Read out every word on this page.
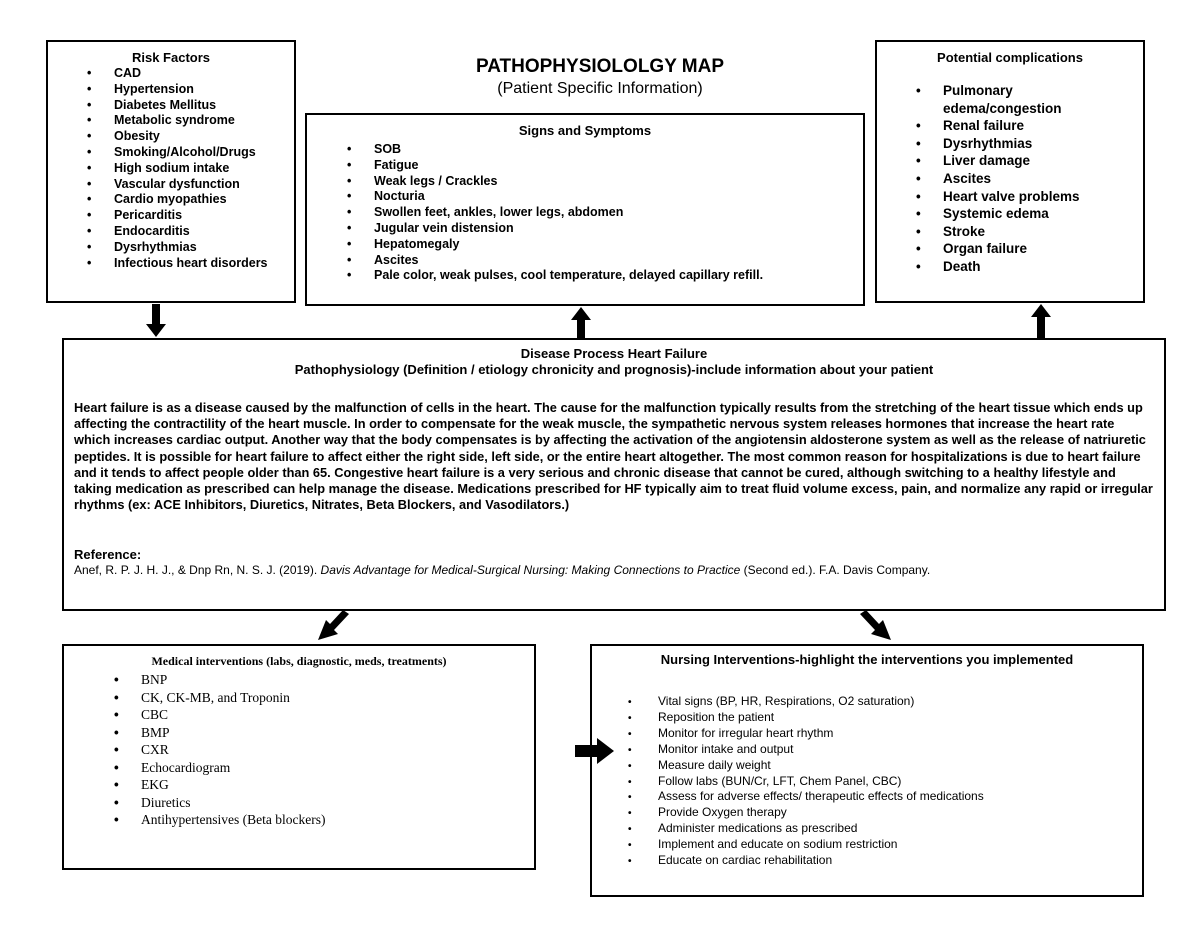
PATHOPHYSIOLOLGY MAP
(Patient Specific Information)
Risk Factors
• CAD
• Hypertension
• Diabetes Mellitus
• Metabolic syndrome
• Obesity
• Smoking/Alcohol/Drugs
• High sodium intake
• Vascular dysfunction
• Cardio myopathies
• Pericarditis
• Endocarditis
• Dysrhythmias
• Infectious heart disorders
Signs and Symptoms
• SOB
• Fatigue
• Weak legs / Crackles
• Nocturia
• Swollen feet, ankles, lower legs, abdomen
• Jugular vein distension
• Hepatomegaly
• Ascites
• Pale color, weak pulses, cool temperature, delayed capillary refill.
Potential complications
• Pulmonary edema/congestion
• Renal failure
• Dysrhythmias
• Liver damage
• Ascites
• Heart valve problems
• Systemic edema
• Stroke
• Organ failure
• Death
Disease Process Heart Failure
Pathophysiology (Definition / etiology chronicity and prognosis)-include information about your patient
Heart failure is as a disease caused by the malfunction of cells in the heart. The cause for the malfunction typically results from the stretching of the heart tissue which ends up affecting the contractility of the heart muscle. In order to compensate for the weak muscle, the sympathetic nervous system releases hormones that increase the heart rate which increases cardiac output. Another way that the body compensates is by affecting the activation of the angiotensin aldosterone system as well as the release of natriuretic peptides. It is possible for heart failure to affect either the right side, left side, or the entire heart altogether. The most common reason for hospitalizations is due to heart failure and it tends to affect people older than 65. Congestive heart failure is a very serious and chronic disease that cannot be cured, although switching to a healthy lifestyle and taking medication as prescribed can help manage the disease. Medications prescribed for HF typically aim to treat fluid volume excess, pain, and normalize any rapid or irregular rhythms (ex: ACE Inhibitors, Diuretics, Nitrates, Beta Blockers, and Vasodilators.)
Reference:
Anef, R. P. J. H. J., & Dnp Rn, N. S. J. (2019). Davis Advantage for Medical-Surgical Nursing: Making Connections to Practice (Second ed.). F.A. Davis Company.
Medical interventions (labs, diagnostic, meds, treatments)
• BNP
• CK, CK-MB, and Troponin
• CBC
• BMP
• CXR
• Echocardiogram
• EKG
• Diuretics
• Antihypertensives (Beta blockers)
Nursing Interventions-highlight the interventions you implemented
• Vital signs (BP, HR, Respirations, O2 saturation)
• Reposition the patient
• Monitor for irregular heart rhythm
• Monitor intake and output
• Measure daily weight
• Follow labs (BUN/Cr, LFT, Chem Panel, CBC)
• Assess for adverse effects/ therapeutic effects of medications
• Provide Oxygen therapy
• Administer medications as prescribed
• Implement and educate on sodium restriction
• Educate on cardiac rehabilitation
